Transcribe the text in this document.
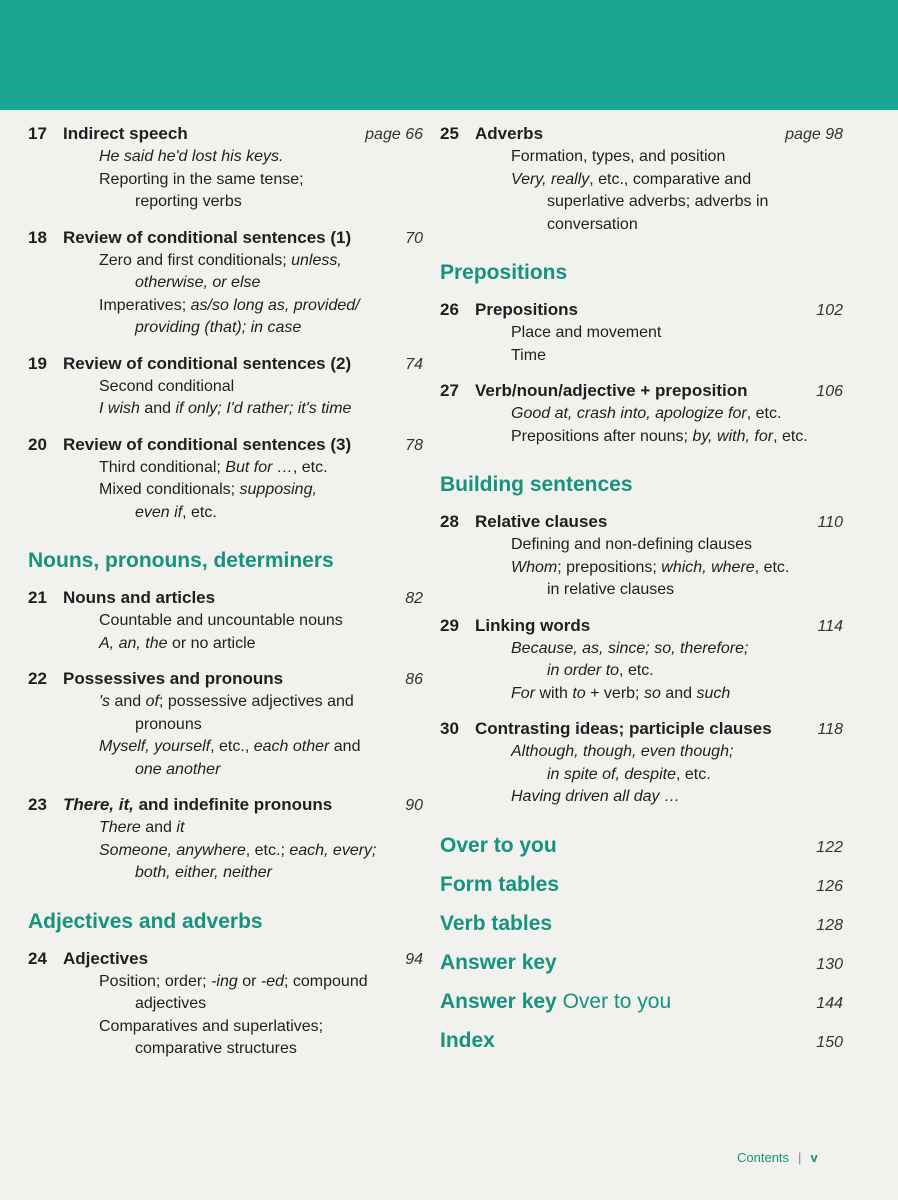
17 Indirect speech	page 66

He said he'd lost his keys.

Reporting in the same tense;
reporting verbs

18 Review of conditional sentences (1)	70

Zero and first conditionals; unless,
otherwise, or else

Imperatives; as/so long as, provided/
providing (that); in case

19 Review of conditional sentences (2)	74

Second conditional

I wish and if only; I'd rather; it's time

20 Review of conditional sentences (3)	78

Third conditional; But for …, etc.

Mixed conditionals; supposing,
even if, etc.

Nouns, pronouns, determiners
21 Nouns and articles	82

Countable and uncountable nouns

A, an, the or no article

22 Possessives and pronouns	86

's and of; possessive adjectives and
pronouns

Myself, yourself, etc., each other and
one another

23 There, it, and indefinite pronouns	90

There and it

Someone, anywhere, etc.; each, every;
both, either, neither

Adjectives and adverbs
24 Adjectives	94

Position; order; -ing or -ed; compound
adjectives

Comparatives and superlatives;
comparative structures

25 Adverbs	page 98

Formation, types, and position

Very, really, etc., comparative and
superlative adverbs; adverbs in
conversation

Prepositions
26 Prepositions	102

Place and movement

Time

27 Verb/noun/adjective + preposition	106

Good at, crash into, apologize for, etc.

Prepositions after nouns; by, with, for, etc.

Building sentences
28 Relative clauses	110

Defining and non-defining clauses

Whom; prepositions; which, where, etc.
in relative clauses

29 Linking words	114

Because, as, since; so, therefore;
in order to, etc.

For with to + verb; so and such

30 Contrasting ideas; participle clauses	118

Although, though, even though;
in spite of, despite, etc.

Having driven all day …

Over to you	122
Form tables	126
Verb tables	128
Answer key	130
Answer key Over to you	144
Index	150
Contents | v
